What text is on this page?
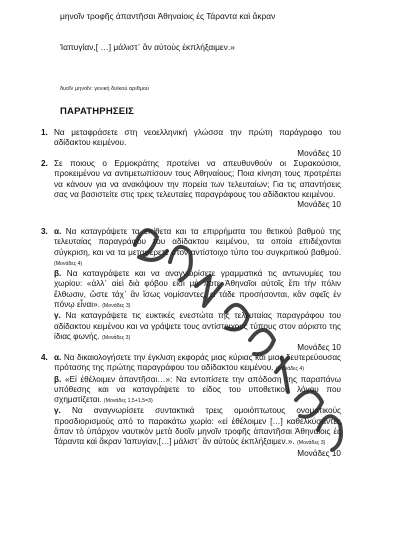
μηνοῖν τροφῆς ἀπαντῆσαι Ἀθηναίοις ἐς Τάραντα καὶ ἄκραν
Ἰαπυγίαν,[ …] μάλιστ᾽ ἂν αὐτοὺς ἐκπλήξαιμεν.»
δυοῖν μηνοῖν: γενική δυϊκού αριθμού
ΠΑΡΑΤΗΡΗΣΕΙΣ
1. Να μεταφράσετε στη νεοελληνική γλώσσα την πρώτη παράγραφο του αδίδακτου κειμένου.
Μονάδες 10
2. Σε ποιους ο Ερμοκράτης προτείνει να απευθυνθούν οι Συρακούσιοι, προκειμένου να αντιμετωπίσουν τους Αθηναίους; Ποια κίνηση τους προτρέπει να κάνουν για να ανακόψουν την πορεία των τελευταίων; Για τις απαντήσεις σας να βασιστείτε στις τρεις τελευταίες παραγράφους του αδίδακτου κειμένου.
Μονάδες 10
3. α. Να καταγράψετε τα επίθετα και τα επιρρήματα του θετικού βαθμού της τελευταίας παραγράφου του αδίδακτου κειμένου, τα οποία επιδέχονται σύγκριση, και να τα μεταφέρετε στον αντίστοιχο τύπο του συγκριτικού βαθμού. (Μονάδες 4)
β. Να καταγράψετε και να αναγνωρίσετε γραμματικά τις αντωνυμίες του χωρίου: «ἀλλ᾽ αἰεὶ διὰ φόβου εἰσὶ μὴ ποτε Ἀθηναῖοι αὐτοῖς ἔπι τὴν πόλιν ἔλθωσιν, ὥστε τάχ᾽ ἂν ἴσως νομίσαντες, εἰ τάδε προσήσονται, κἂν σφεῖς ἐν πόνῳ εἶναι». (Μονάδες 3)
γ. Να καταγράψετε τις ευκτικές ενεστώτα της τελευταίας παραγράφου του αδίδακτου κειμένου και να γράψετε τους αντίστοιχους τύπους στον αόριστο της ίδιας φωνής. (Μονάδες 3)
Μονάδες 10
4. α. Να δικαιολογήσετε την έγκλιση εκφοράς μιας κύριας και μιας δευτερεύουσας πρότασης της πρώτης παραγράφου του αδίδακτου κειμένου. (Μονάδες 4)
β. «Εἰ ἐθέλοιμεν ἀπαντῆσαι…»: Να εντοπίσετε την απόδοση της παραπάνω υπόθεσης και να καταγράψετε το είδος του υποθετικού λόγου που σχηματίζεται. (Μονάδες 1,5+1,5=3)
γ. Να αναγνωρίσετε συντακτικά τρεις ομοιόπτωτους ονοματικούς προσδιορισμούς από το παρακάτω χωρίο: «εἰ ἐθέλοιμεν […] καθελκύσαντες ἅπαν τὸ ὑπάρχον ναυτικὸν μετὰ δυοῖν μηνοῖν τροφῆς ἀπαντῆσαι Ἀθηναίοις ἐς Τάραντα καὶ ἄκραν Ἰαπυγίαν,[…] μάλιστ᾽ ἂν αὐτοὺς ἐκπλήξαιμεν.». (Μονάδες 3)
Μονάδες 10
